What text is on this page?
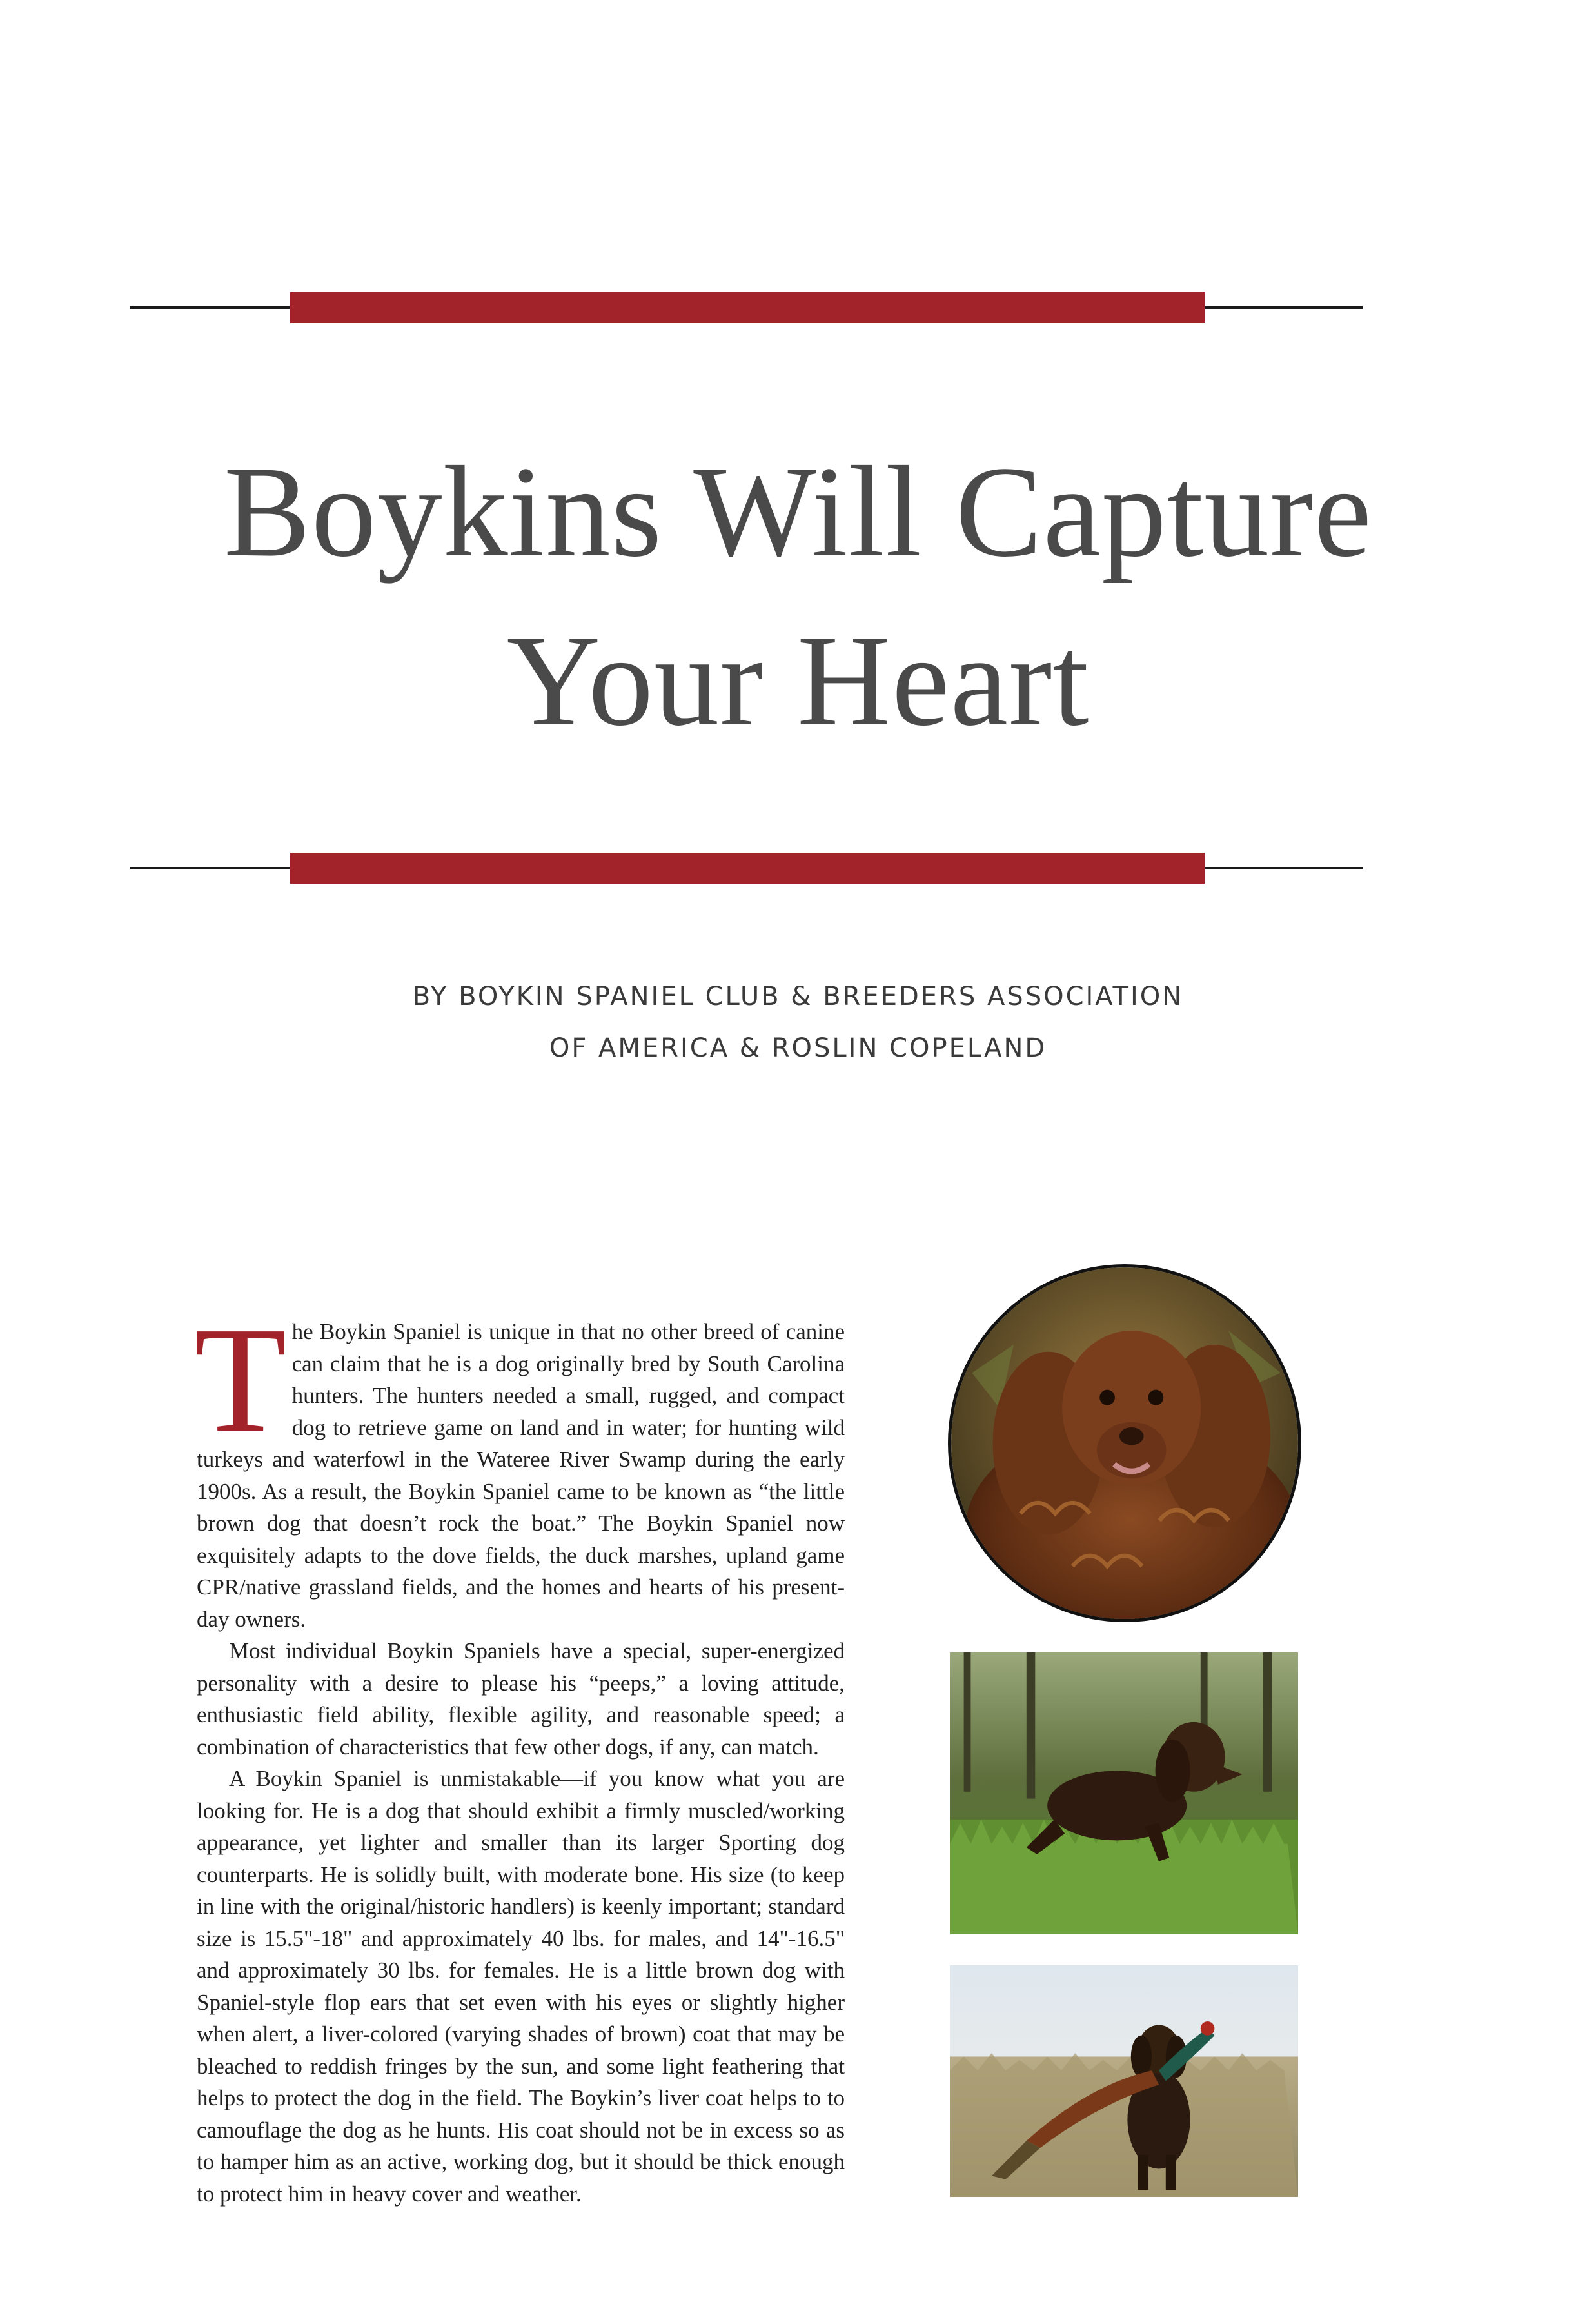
Boykins Will Capture
Your Heart
BY BOYKIN SPANIEL CLUB & BREEDERS ASSOCIATION
OF AMERICA & ROSLIN COPELAND

The Boykin Spaniel is unique in that no other breed of canine can claim that he is a dog originally bred by South Carolina hunters. The hunters needed a small, rugged, and compact dog to retrieve game on land and in water; for hunting wild turkeys and waterfowl in the Wateree River Swamp during the early 1900s. As a result, the Boykin Spaniel came to be known as “the little brown dog that doesn’t rock the boat.” The Boykin Spaniel now exquisitely adapts to the dove fields, the duck marshes, upland game CPR/native grassland fields, and the homes and hearts of his present-day owners.

Most individual Boykin Spaniels have a special, super-energized personality with a desire to please his “peeps,” a loving attitude, enthusiastic field ability, flexible agility, and reasonable speed; a combination of characteristics that few other dogs, if any, can match.

A Boykin Spaniel is unmistakable—if you know what you are looking for. He is a dog that should exhibit a firmly muscled/working appearance, yet lighter and smaller than its larger Sporting dog counterparts. He is solidly built, with moderate bone. His size (to keep in line with the original/historic handlers) is keenly important; standard size is 15.5"-18" and approximately 40 lbs. for males, and 14"-16.5" and approximately 30 lbs. for females. He is a little brown dog with Spaniel-style flop ears that set even with his eyes or slightly higher when alert, a liver-colored (varying shades of brown) coat that may be bleached to reddish fringes by the sun, and some light feathering that helps to protect the dog in the field. The Boykin’s liver coat helps to to camouflage the dog as he hunts. His coat should not be in excess so as to hamper him as an active, working dog, but it should be thick enough to protect him in heavy cover and weather.
